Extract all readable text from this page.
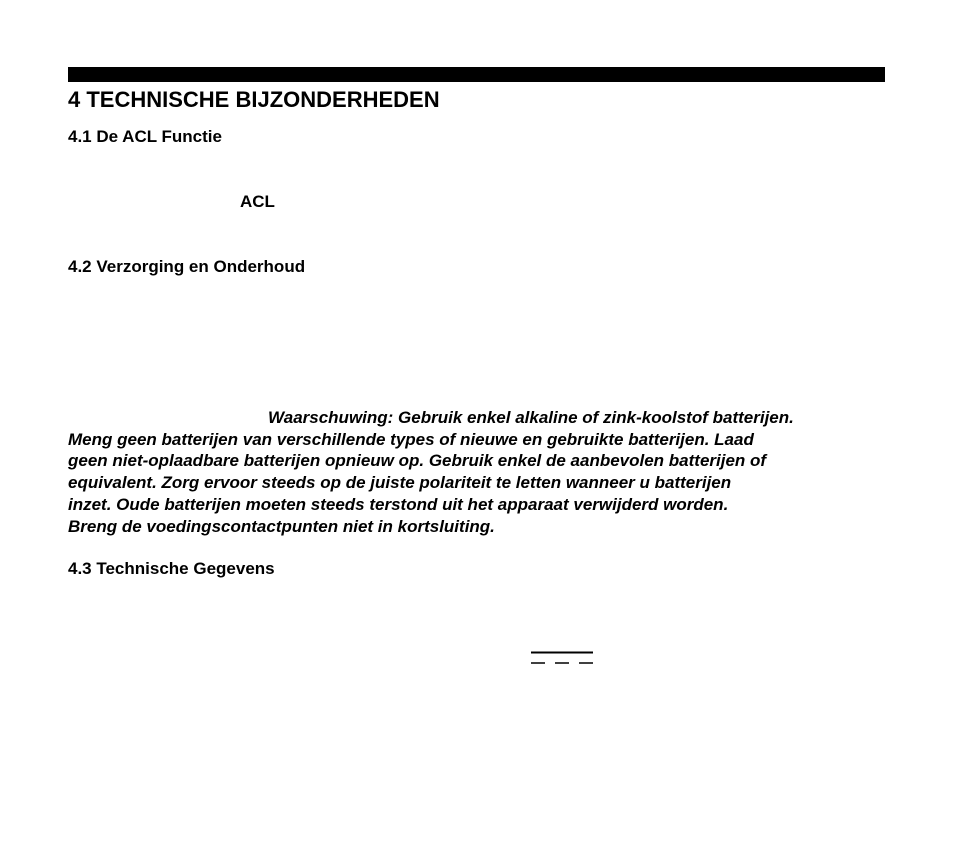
4 TECHNISCHE BIJZONDERHEDEN
4.1 De ACL Functie
ACL
4.2 Verzorging en Onderhoud
Waarschuwing: Gebruik enkel alkaline of zink-koolstof batterijen.
Meng geen batterijen van verschillende types of nieuwe en gebruikte batterijen. Laad
geen niet-oplaadbare batterijen opnieuw op. Gebruik enkel de aanbevolen batterijen of
equivalent. Zorg ervoor steeds op de juiste polariteit te letten wanneer u batterijen
inzet. Oude batterijen moeten steeds terstond uit het apparaat verwijderd worden.
Breng de voedingscontactpunten niet in kortsluiting.
4.3 Technische Gegevens
